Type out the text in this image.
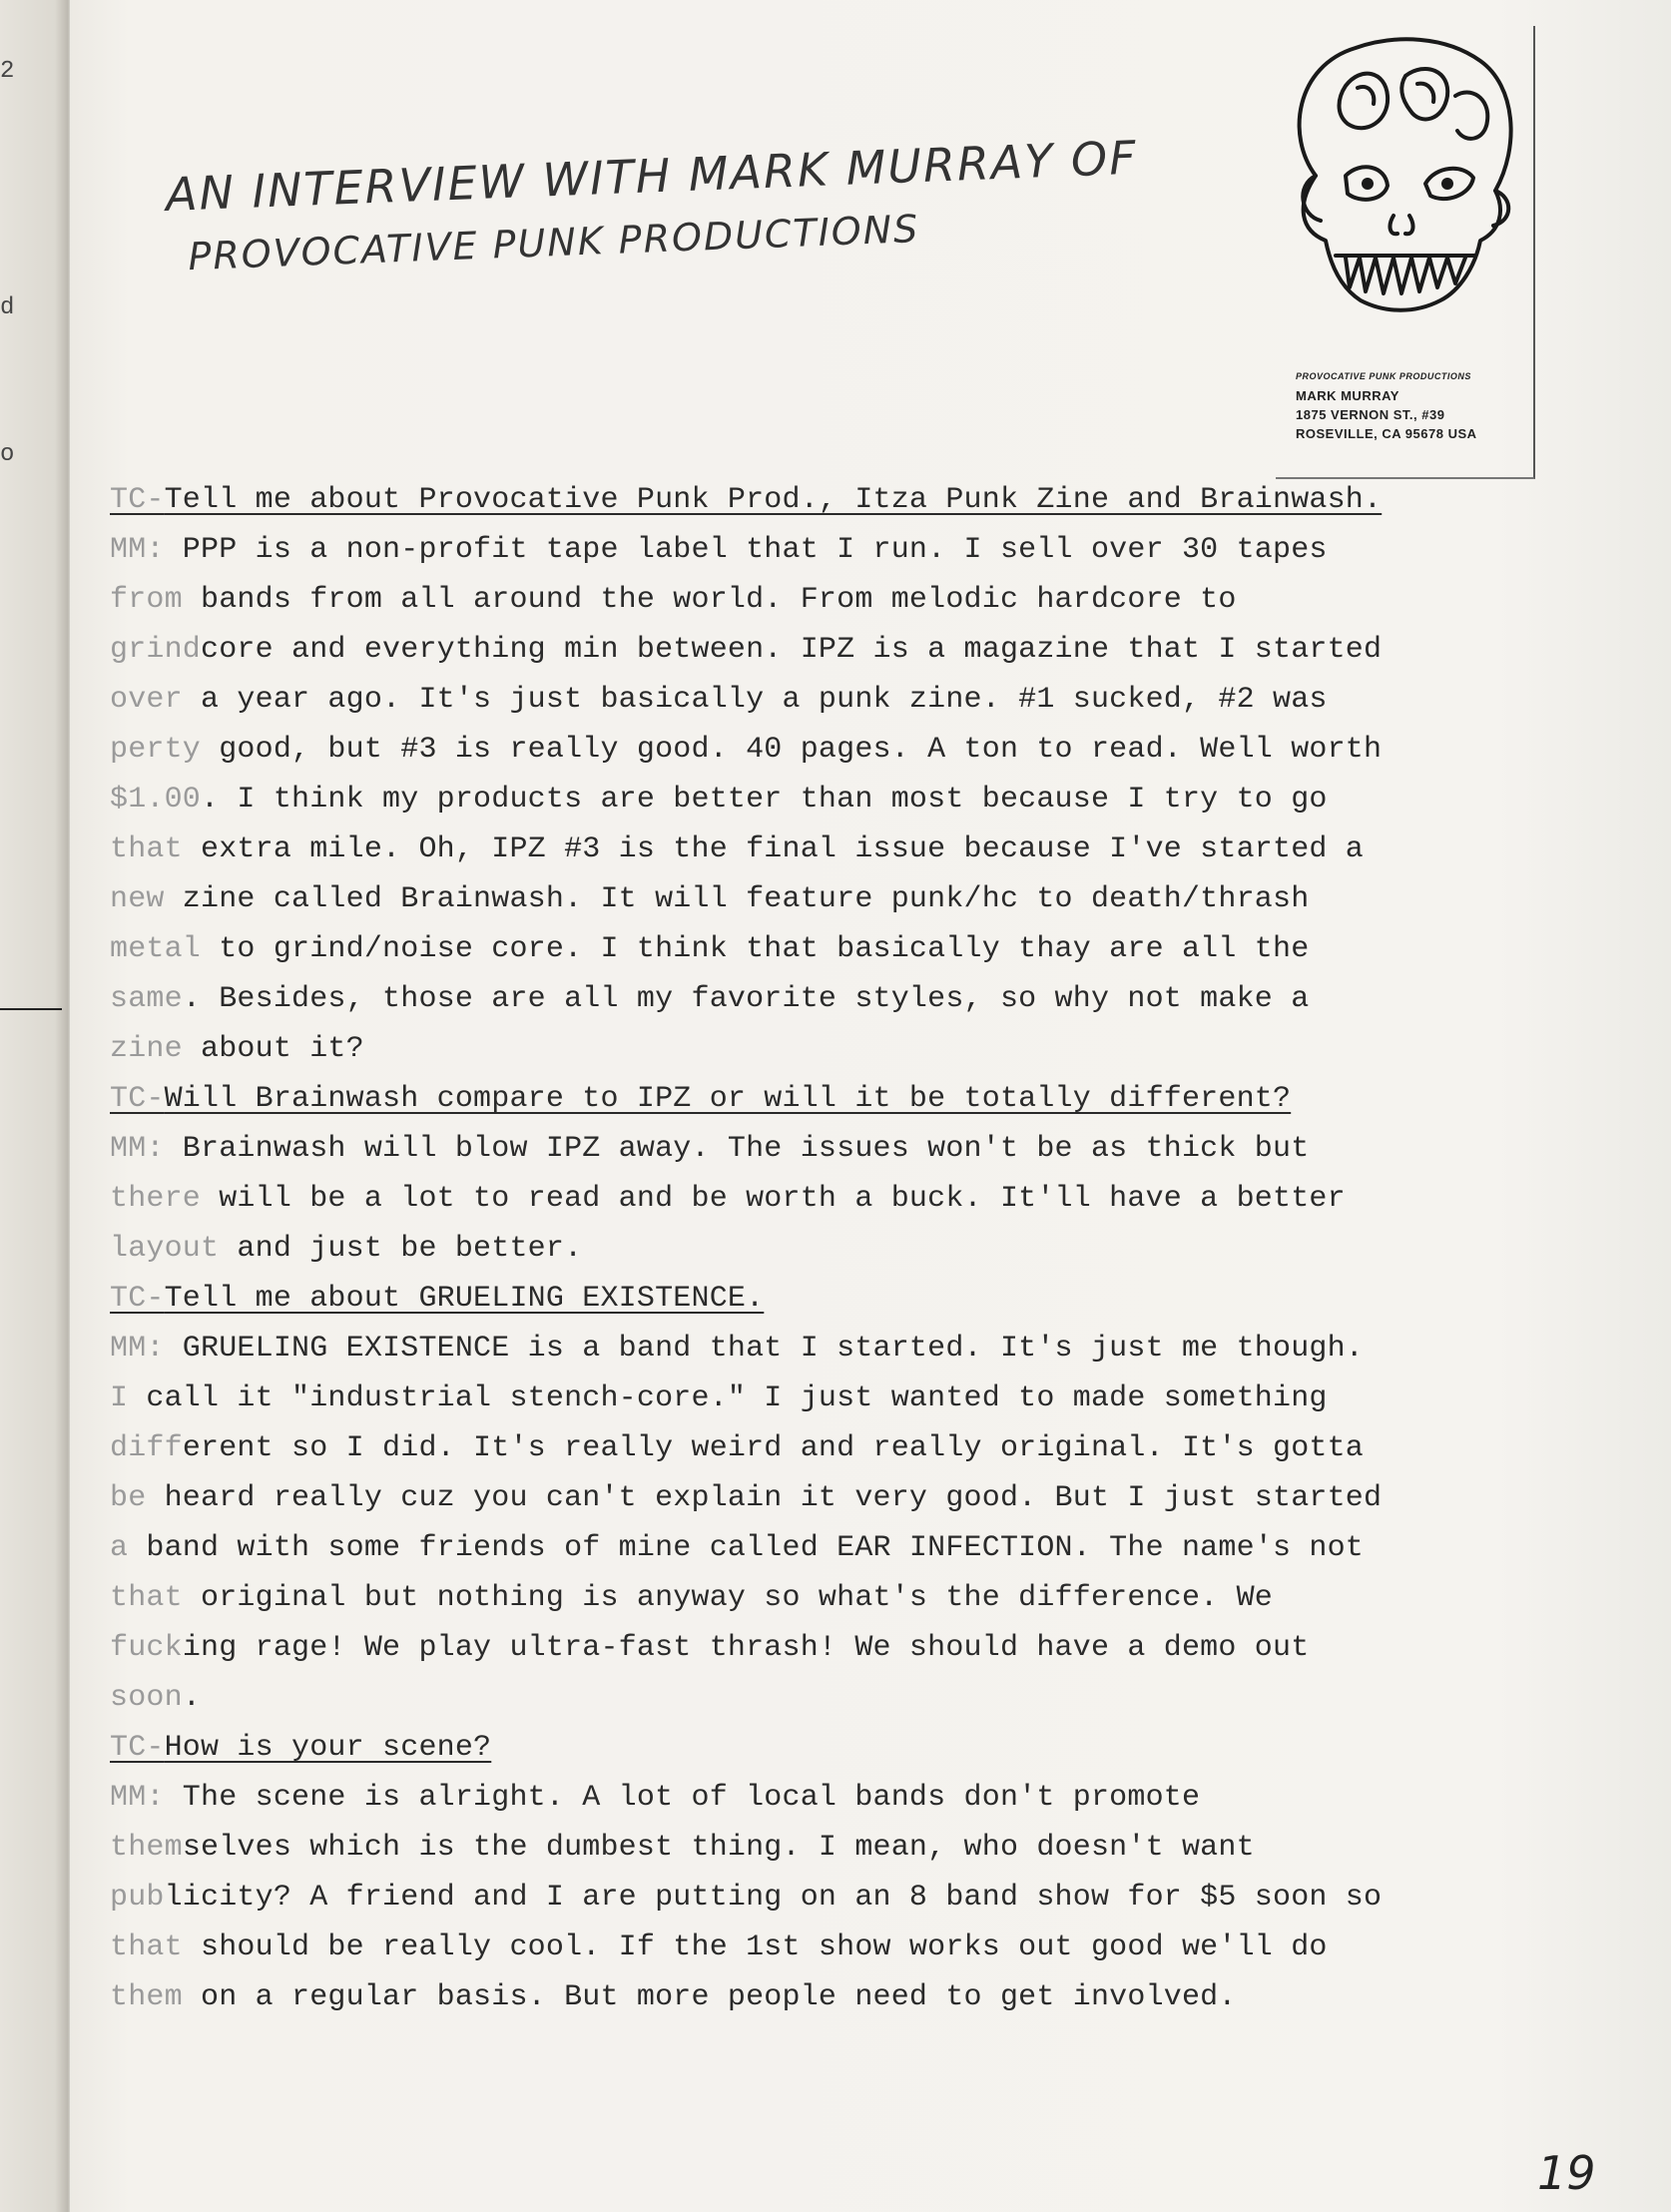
2
d
o
AN INTERVIEW WITH MARK MURRAY OF
PROVOCATIVE PUNK PRODUCTIONS
PROVOCATIVE PUNK PRODUCTIONS
MARK MURRAY
1875 VERNON ST., #39
ROSEVILLE, CA 95678 USA
TC-Tell me about Provocative Punk Prod., Itza Punk Zine and Brainwash.
MM: PPP is a non-profit tape label that I run. I sell over 30 tapes
from bands from all around the world. From melodic hardcore to
grindcore and everything min between. IPZ is a magazine that I started
over a year ago. It's just basically a punk zine. #1 sucked, #2 was
perty good, but #3 is really good. 40 pages. A ton to read. Well worth
$1.00. I think my products are better than most because I try to go
that extra mile. Oh, IPZ #3 is the final issue because I've started a
new zine called Brainwash. It will feature punk/hc to death/thrash
metal to grind/noise core. I think that basically thay are all the
same. Besides, those are all my favorite styles, so why not make a
zine about it?
TC-Will Brainwash compare to IPZ or will it be totally different?
MM: Brainwash will blow IPZ away. The issues won't be as thick but
there will be a lot to read and be worth a buck. It'll have a better
layout and just be better.
TC-Tell me about GRUELING EXISTENCE.
MM: GRUELING EXISTENCE is a band that I started. It's just me though.
I call it "industrial stench-core." I just wanted to made something
different so I did. It's really weird and really original. It's gotta
be heard really cuz you can't explain it very good. But I just started
a band with some friends of mine called EAR INFECTION. The name's not
that original but nothing is anyway so what's the difference. We
fucking rage! We play ultra-fast thrash! We should have a demo out
soon.
TC-How is your scene?
MM: The scene is alright. A lot of local bands don't promote
themselves which is the dumbest thing. I mean, who doesn't want
publicity? A friend and I are putting on an 8 band show for $5 soon so
that should be really cool. If the 1st show works out good we'll do
them on a regular basis. But more people need to get involved.
19
